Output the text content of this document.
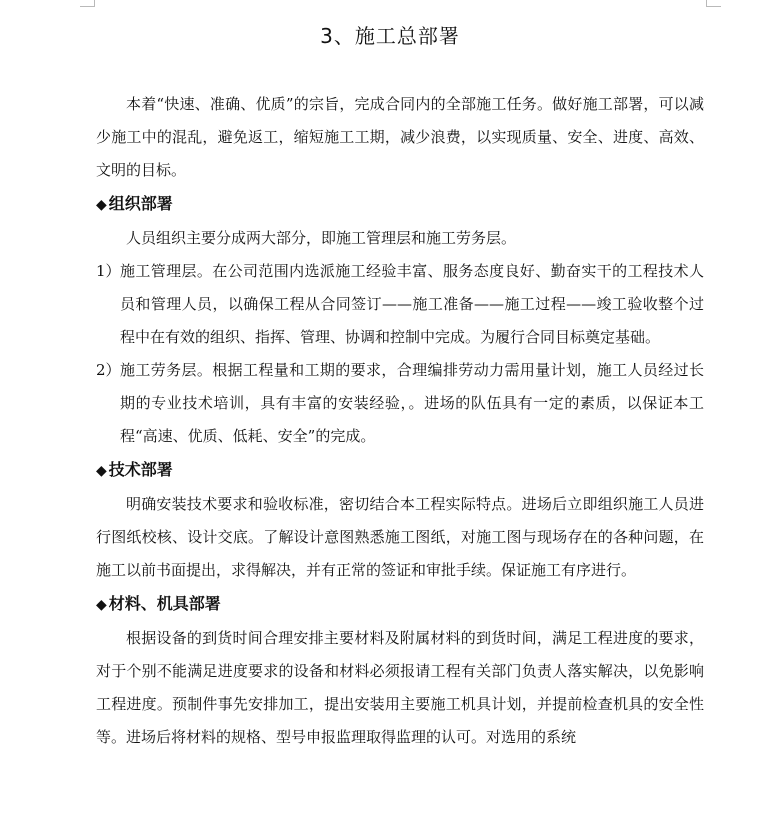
3、施工总部署

本着“快速、准确、优质”的宗旨，完成合同内的全部施工任务。做好施工部署，可以减少施工中的混乱，避免返工，缩短施工工期，减少浪费，以实现质量、安全、进度、高效、文明的目标。

◆ 组织部署

人员组织主要分成两大部分，即施工管理层和施工劳务层。

1） 施工管理层。在公司范围内选派施工经验丰富、服务态度良好、勤奋实干的工程技术人员和管理人员，以确保工程从合同签订——施工准备——施工过程——竣工验收整个过程中在有效的组织、指挥、管理、协调和控制中完成。为履行合同目标奠定基础。
2） 施工劳务层。根据工程量和工期的要求，合理编排劳动力需用量计划，施工人员经过长期的专业技术培训，具有丰富的安装经验，。进场的队伍具有一定的素质，以保证本工程“高速、优质、低耗、安全”的完成。
◆ 技术部署

明确安装技术要求和验收标准，密切结合本工程实际特点。进场后立即组织施工人员进行图纸校核、设计交底。了解设计意图熟悉施工图纸，对施工图与现场存在的各种问题，在施工以前书面提出，求得解决，并有正常的签证和审批手续。保证施工有序进行。

◆ 材料、机具部署

根据设备的到货时间合理安排主要材料及附属材料的到货时间，满足工程进度的要求，对于个别不能满足进度要求的设备和材料必须报请工程有关部门负责人落实解决，以免影响工程进度。预制件事先安排加工，提出安装用主要施工机具计划，并提前检查机具的安全性等。进场后将材料的规格、型号申报监理取得监理的认可。对选用的系统
